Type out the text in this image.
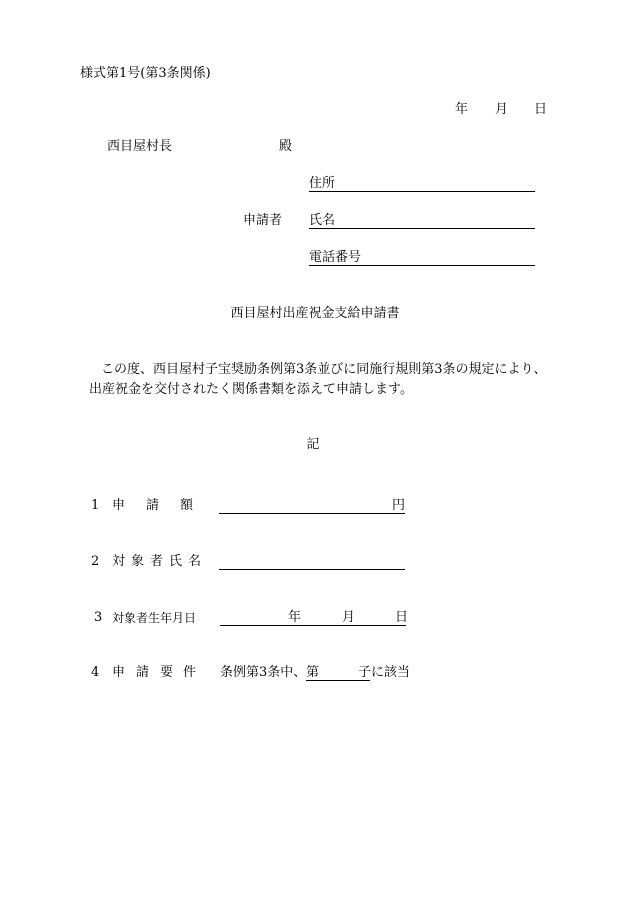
様式第1号(第3条関係)
年 月 日
西目屋村長	殿
住所
申請者 氏名
電話番号
西目屋村出産祝金支給申請書
この度、西目屋村子宝奨励条例第3条並びに同施行規則第3条の規定により、
出産祝金を交付されたく関係書類を添えて申請します。
記
1 申 請 額	円
2 対象者氏名
3 対象者生年月日	年	月	日
4 申 請 要 件 条例第3条中、 第	子に該当
